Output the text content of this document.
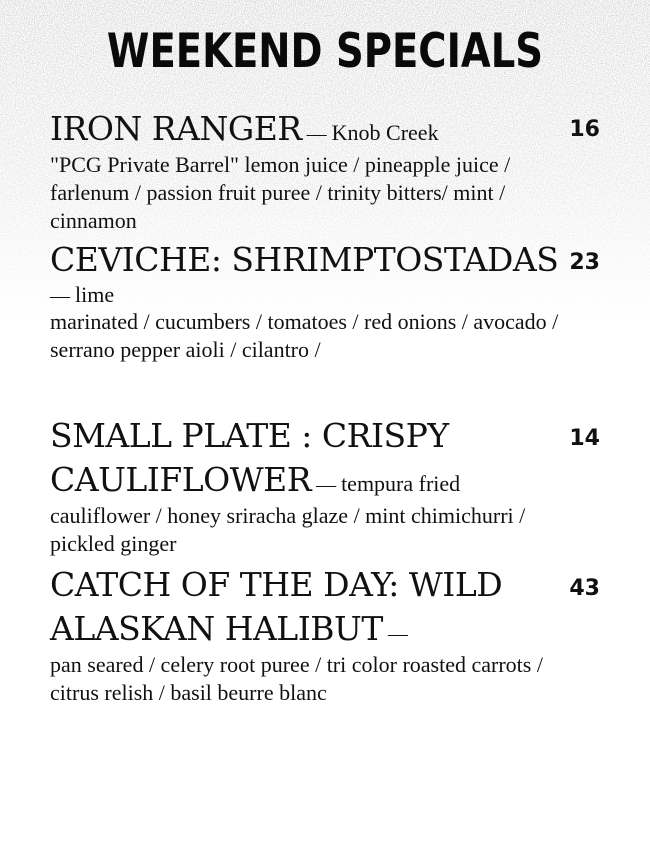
WEEKEND SPECIALS
IRON RANGER — Knob Creek
"PCG Private Barrel" lemon juice / pineapple juice / farlenum / passion fruit puree / trinity bitters/ mint / cinnamon
16
CEVICHE: SHRIMPTOSTADAS — lime
marinated / cucumbers / tomatoes / red onions / avocado / serrano pepper aioli / cilantro /
23
SMALL PLATE : CRISPY CAULIFLOWER — tempura fried
cauliflower / honey sriracha glaze / mint chimichurri / pickled ginger
14
CATCH OF THE DAY: WILD ALASKAN HALIBUT —
pan seared / celery root puree / tri color roasted carrots / citrus relish / basil beurre blanc
43
